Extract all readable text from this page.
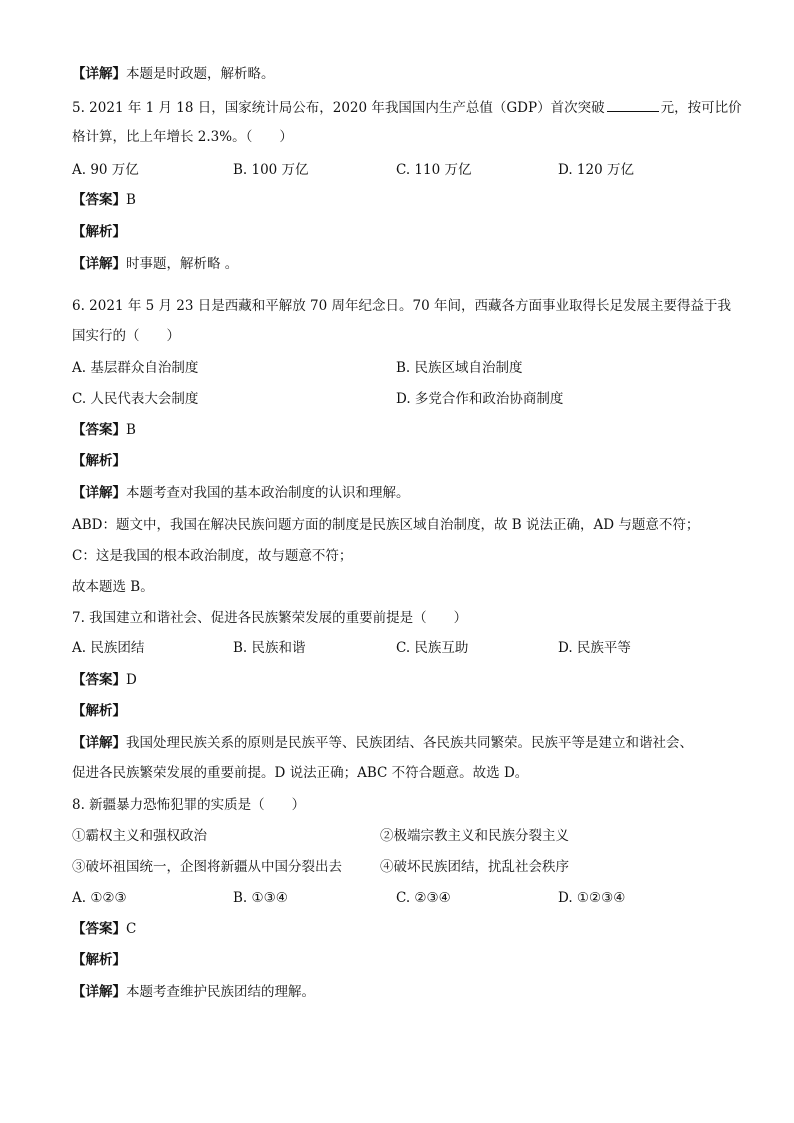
【详解】本题是时政题，解析略。
5. 2021 年 1 月 18 日，国家统计局公布，2020 年我国国内生产总值（GDP）首次突破	元，按可比价
格计算，比上年增长 2.3%。（　　）
A. 90 万亿	B. 100 万亿	C. 110 万亿	D. 120 万亿
【答案】B
【解析】
【详解】时事题，解析略 。
6. 2021 年 5 月 23 日是西藏和平解放 70 周年纪念日。70 年间，西藏各方面事业取得长足发展主要得益于我
国实行的（　　）
A. 基层群众自治制度	B. 民族区域自治制度
C. 人民代表大会制度	D. 多党合作和政治协商制度
【答案】B
【解析】
【详解】本题考查对我国的基本政治制度的认识和理解。
ABD：题文中，我国在解决民族问题方面的制度是民族区域自治制度，故 B 说法正确，AD 与题意不符；
C：这是我国的根本政治制度，故与题意不符；
故本题选 B。
7. 我国建立和谐社会、促进各民族繁荣发展的重要前提是（　　）
A. 民族团结	B. 民族和谐	C. 民族互助	D. 民族平等
【答案】D
【解析】
【详解】我国处理民族关系的原则是民族平等、民族团结、各民族共同繁荣。民族平等是建立和谐社会、
促进各民族繁荣发展的重要前提。D 说法正确；ABC 不符合题意。故选 D。
8. 新疆暴力恐怖犯罪的实质是（　　）
①霸权主义和强权政治	②极端宗教主义和民族分裂主义
③破坏祖国统一，企图将新疆从中国分裂出去	④破坏民族团结，扰乱社会秩序
A. ①②③	B. ①③④	C. ②③④	D. ①②③④
【答案】C
【解析】
【详解】本题考查维护民族团结的理解。
